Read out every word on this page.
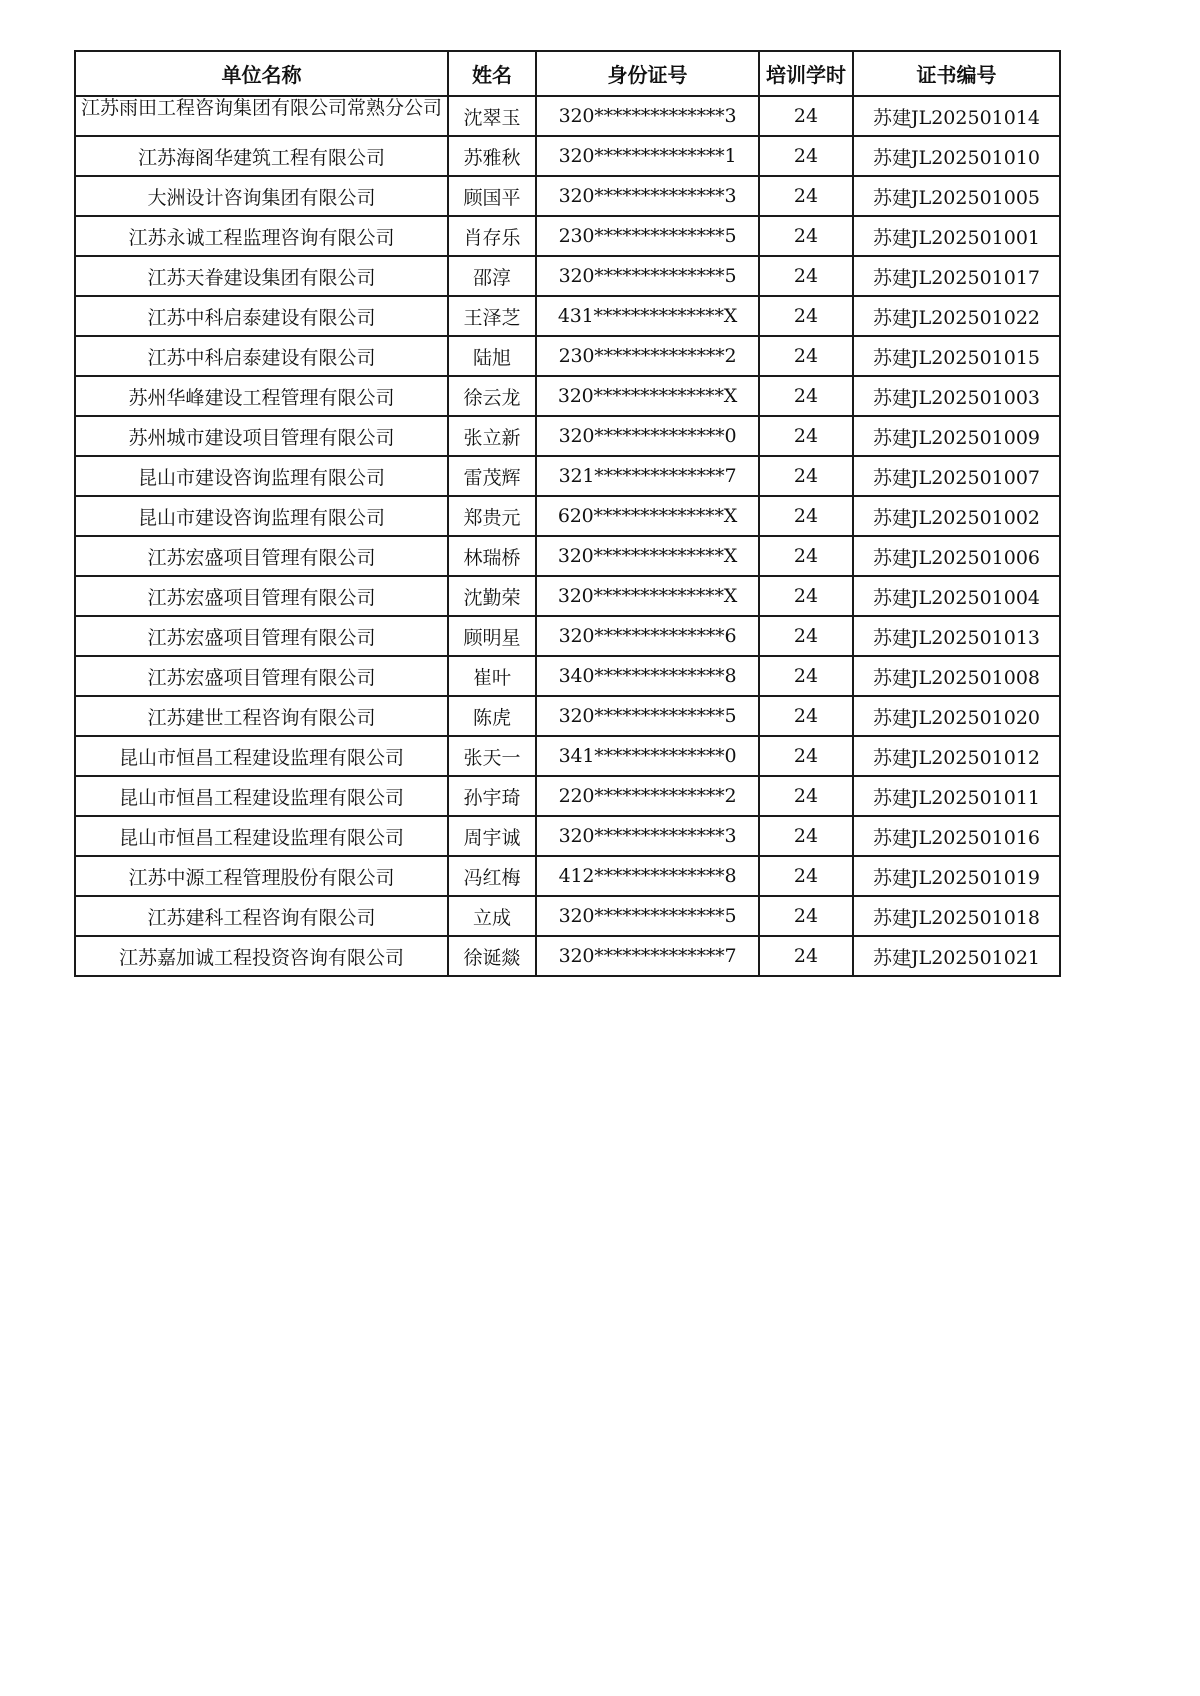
单位名称	姓名	身份证号	培训学时	证书编号
江苏雨田工程咨询集团有限公司常熟分公司	沈翠玉	320**************3	24	苏建JL202501014
江苏海阁华建筑工程有限公司	苏雅秋	320**************1	24	苏建JL202501010
大洲设计咨询集团有限公司	顾国平	320**************3	24	苏建JL202501005
江苏永诚工程监理咨询有限公司	肖存乐	230**************5	24	苏建JL202501001
江苏天眷建设集团有限公司	邵淳	320**************5	24	苏建JL202501017
江苏中科启泰建设有限公司	王泽芝	431**************X	24	苏建JL202501022
江苏中科启泰建设有限公司	陆旭	230**************2	24	苏建JL202501015
苏州华峰建设工程管理有限公司	徐云龙	320**************X	24	苏建JL202501003
苏州城市建设项目管理有限公司	张立新	320**************0	24	苏建JL202501009
昆山市建设咨询监理有限公司	雷茂辉	321**************7	24	苏建JL202501007
昆山市建设咨询监理有限公司	郑贵元	620**************X	24	苏建JL202501002
江苏宏盛项目管理有限公司	林瑞桥	320**************X	24	苏建JL202501006
江苏宏盛项目管理有限公司	沈勤荣	320**************X	24	苏建JL202501004
江苏宏盛项目管理有限公司	顾明星	320**************6	24	苏建JL202501013
江苏宏盛项目管理有限公司	崔叶	340**************8	24	苏建JL202501008
江苏建世工程咨询有限公司	陈虎	320**************5	24	苏建JL202501020
昆山市恒昌工程建设监理有限公司	张天一	341**************0	24	苏建JL202501012
昆山市恒昌工程建设监理有限公司	孙宇琦	220**************2	24	苏建JL202501011
昆山市恒昌工程建设监理有限公司	周宇诚	320**************3	24	苏建JL202501016
江苏中源工程管理股份有限公司	冯红梅	412**************8	24	苏建JL202501019
江苏建科工程咨询有限公司	立成	320**************5	24	苏建JL202501018
江苏嘉加诚工程投资咨询有限公司	徐诞燚	320**************7	24	苏建JL202501021
